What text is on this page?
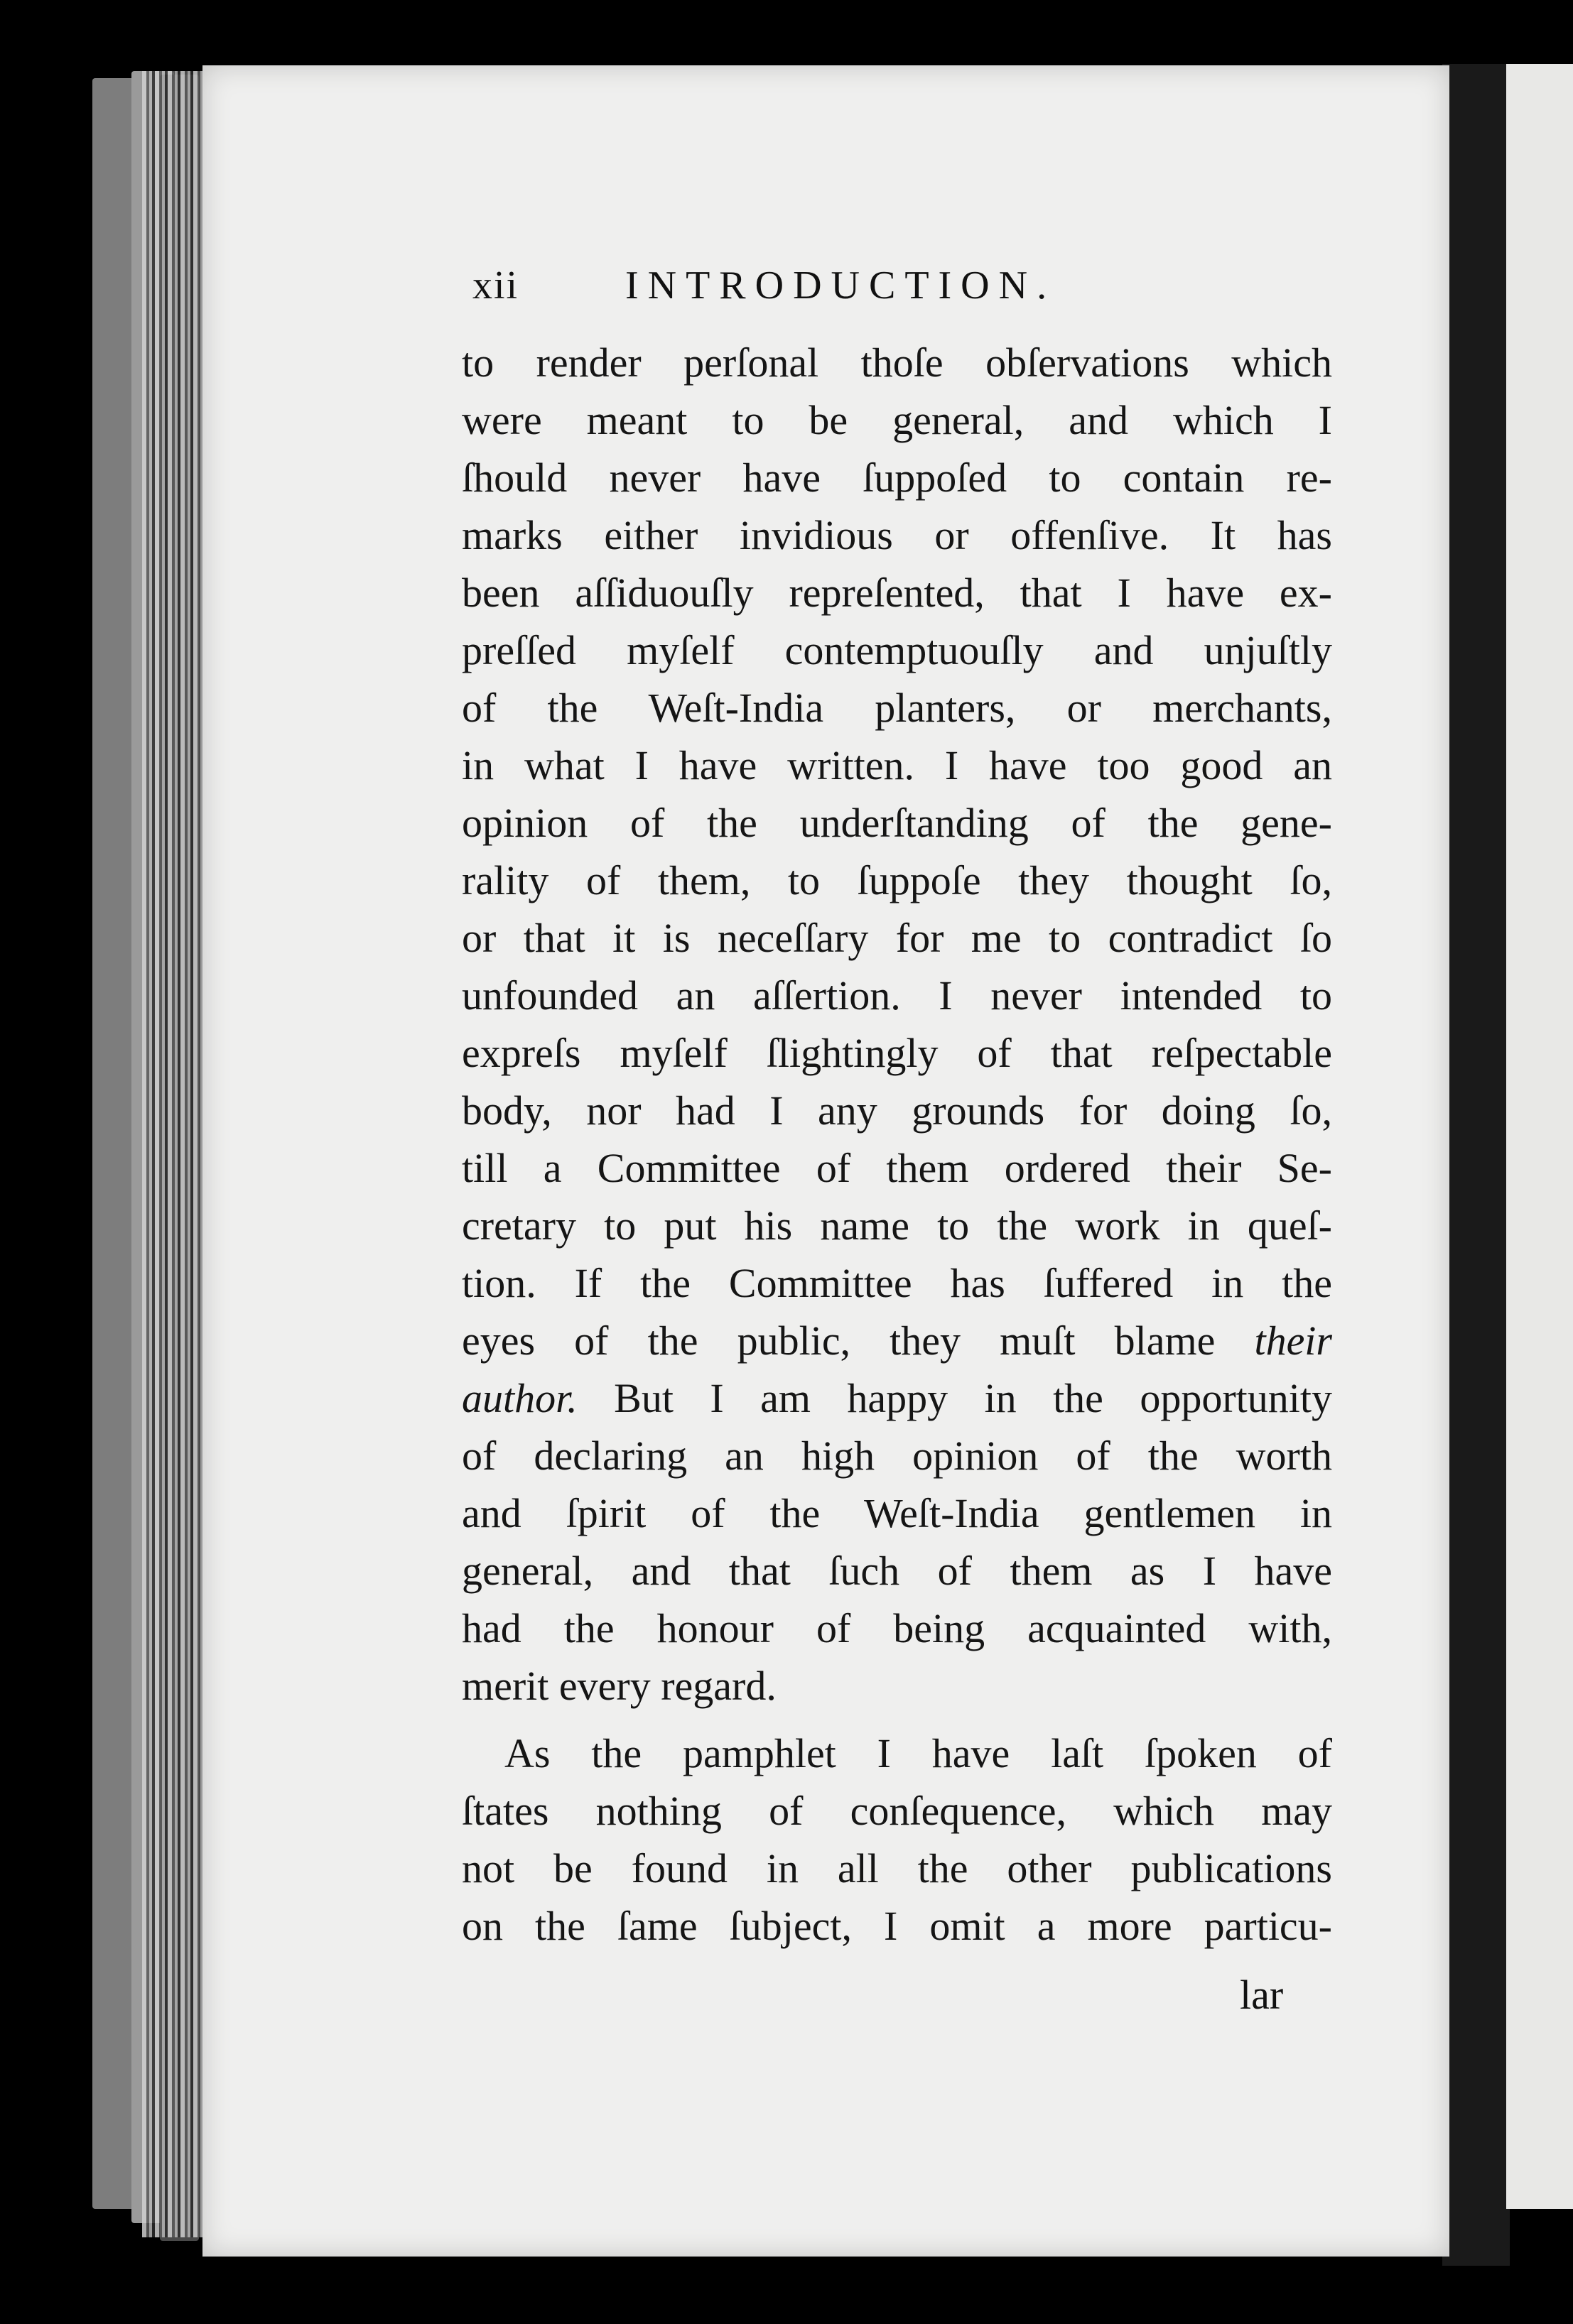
xii	INTRODUCTION.
to render perſonal thoſe obſervations which
were meant to be general, and which I
ſhould never have ſuppoſed to contain re-
marks either invidious or offenſive. It has
been aſſiduouſly repreſented, that I have ex-
preſſed myſelf contemptuouſly and unjuſtly
of the Weſt-India planters, or merchants,
in what I have written. I have too good an
opinion of the underſtanding of the gene-
rality of them, to ſuppoſe they thought ſo,
or that it is neceſſary for me to contradict ſo
unfounded an aſſertion. I never intended to
expreſs myſelf ſlightingly of that reſpectable
body, nor had I any grounds for doing ſo,
till a Committee of them ordered their Se-
cretary to put his name to the work in queſ-
tion. If the Committee has ſuffered in the
eyes of the public, they muſt blame their
author. But I am happy in the opportunity
of declaring an high opinion of the worth
and ſpirit of the Weſt-India gentlemen in
general, and that ſuch of them as I have
had the honour of being acquainted with,
merit every regard.
As the pamphlet I have laſt ſpoken of
ſtates nothing of conſequence, which may
not be found in all the other publications
on the ſame ſubject, I omit a more particu-
lar
